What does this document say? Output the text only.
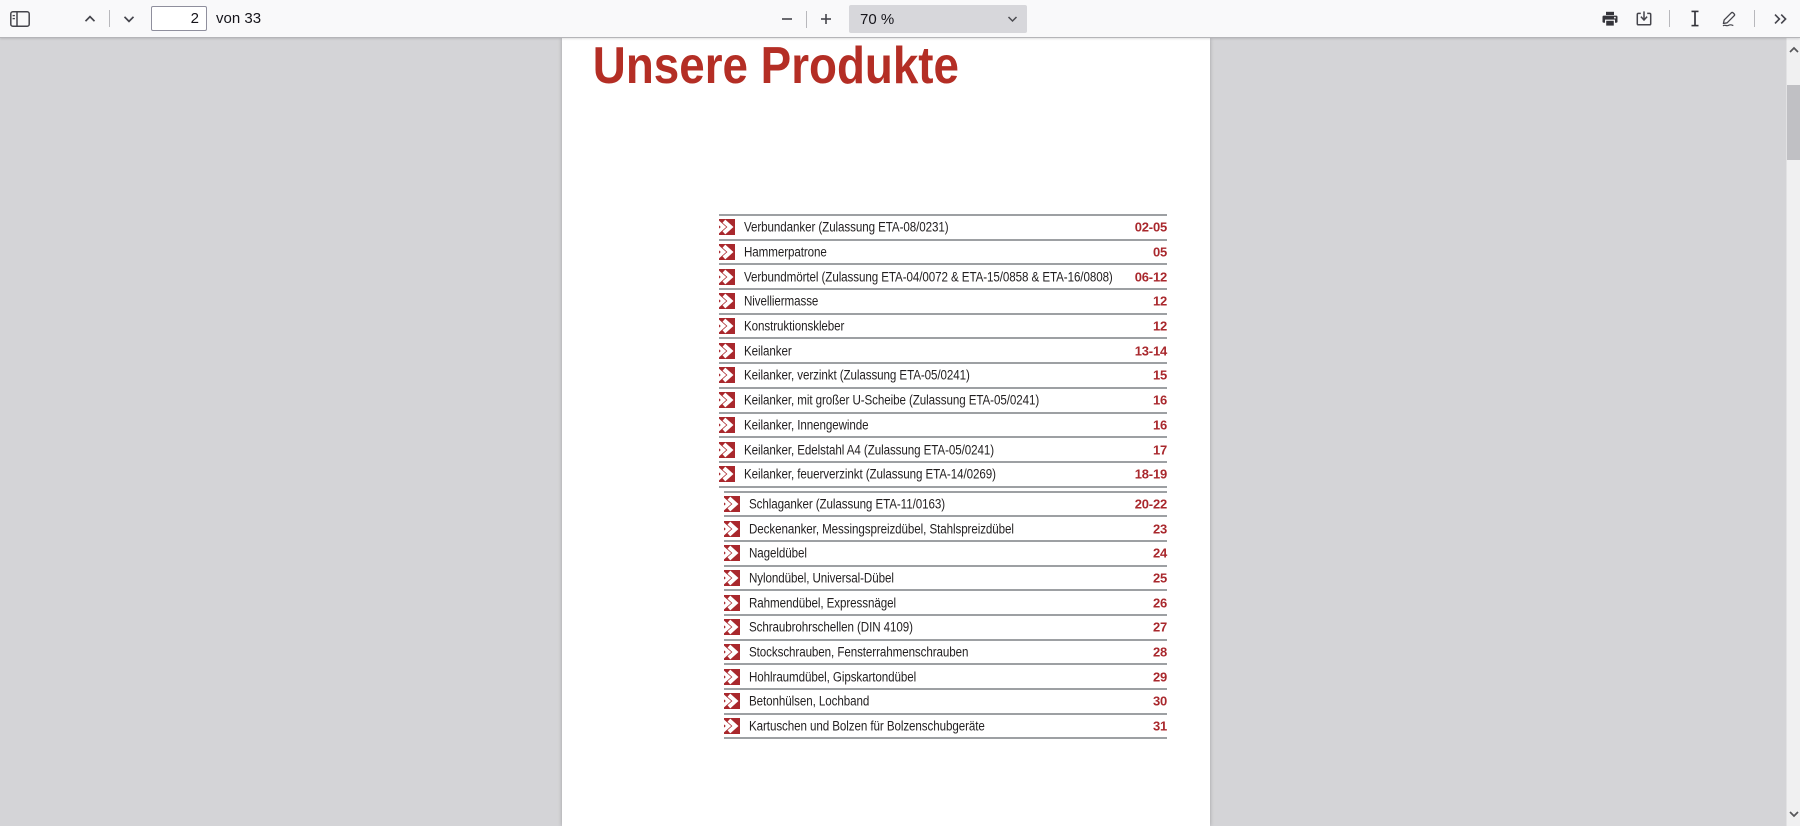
2
von 33	70 %
Unsere Produkte
Verbundanker (Zulassung ETA-08/0231)	02-05
Hammerpatrone	05
Verbundmörtel (Zulassung ETA-04/0072 & ETA-15/0858 & ETA-16/0808) 06-12
Nivelliermasse	12
Konstruktionskleber	12
Keilanker	13-14
Keilanker, verzinkt (Zulassung ETA-05/0241)	15
Keilanker, mit großer U-Scheibe (Zulassung ETA-05/0241)	16
Keilanker, Innengewinde	16
Keilanker, Edelstahl A4 (Zulassung ETA-05/0241)	17
Keilanker, feuerverzinkt (Zulassung ETA-14/0269)	18-19
Schlaganker (Zulassung ETA-11/0163)	20-22
Deckenanker, Messingspreizdübel, Stahlspreizdübel	23
Nageldübel	24
Nylondübel, Universal-Dübel	25
Rahmendübel, Expressnägel	26
Schraubrohrschellen (DIN 4109)	27
Stockschrauben, Fensterrahmenschrauben	28
Hohlraumdübel, Gipskartondübel	29
Betonhülsen, Lochband	30
Kartuschen und Bolzen für Bolzenschubgeräte	31
